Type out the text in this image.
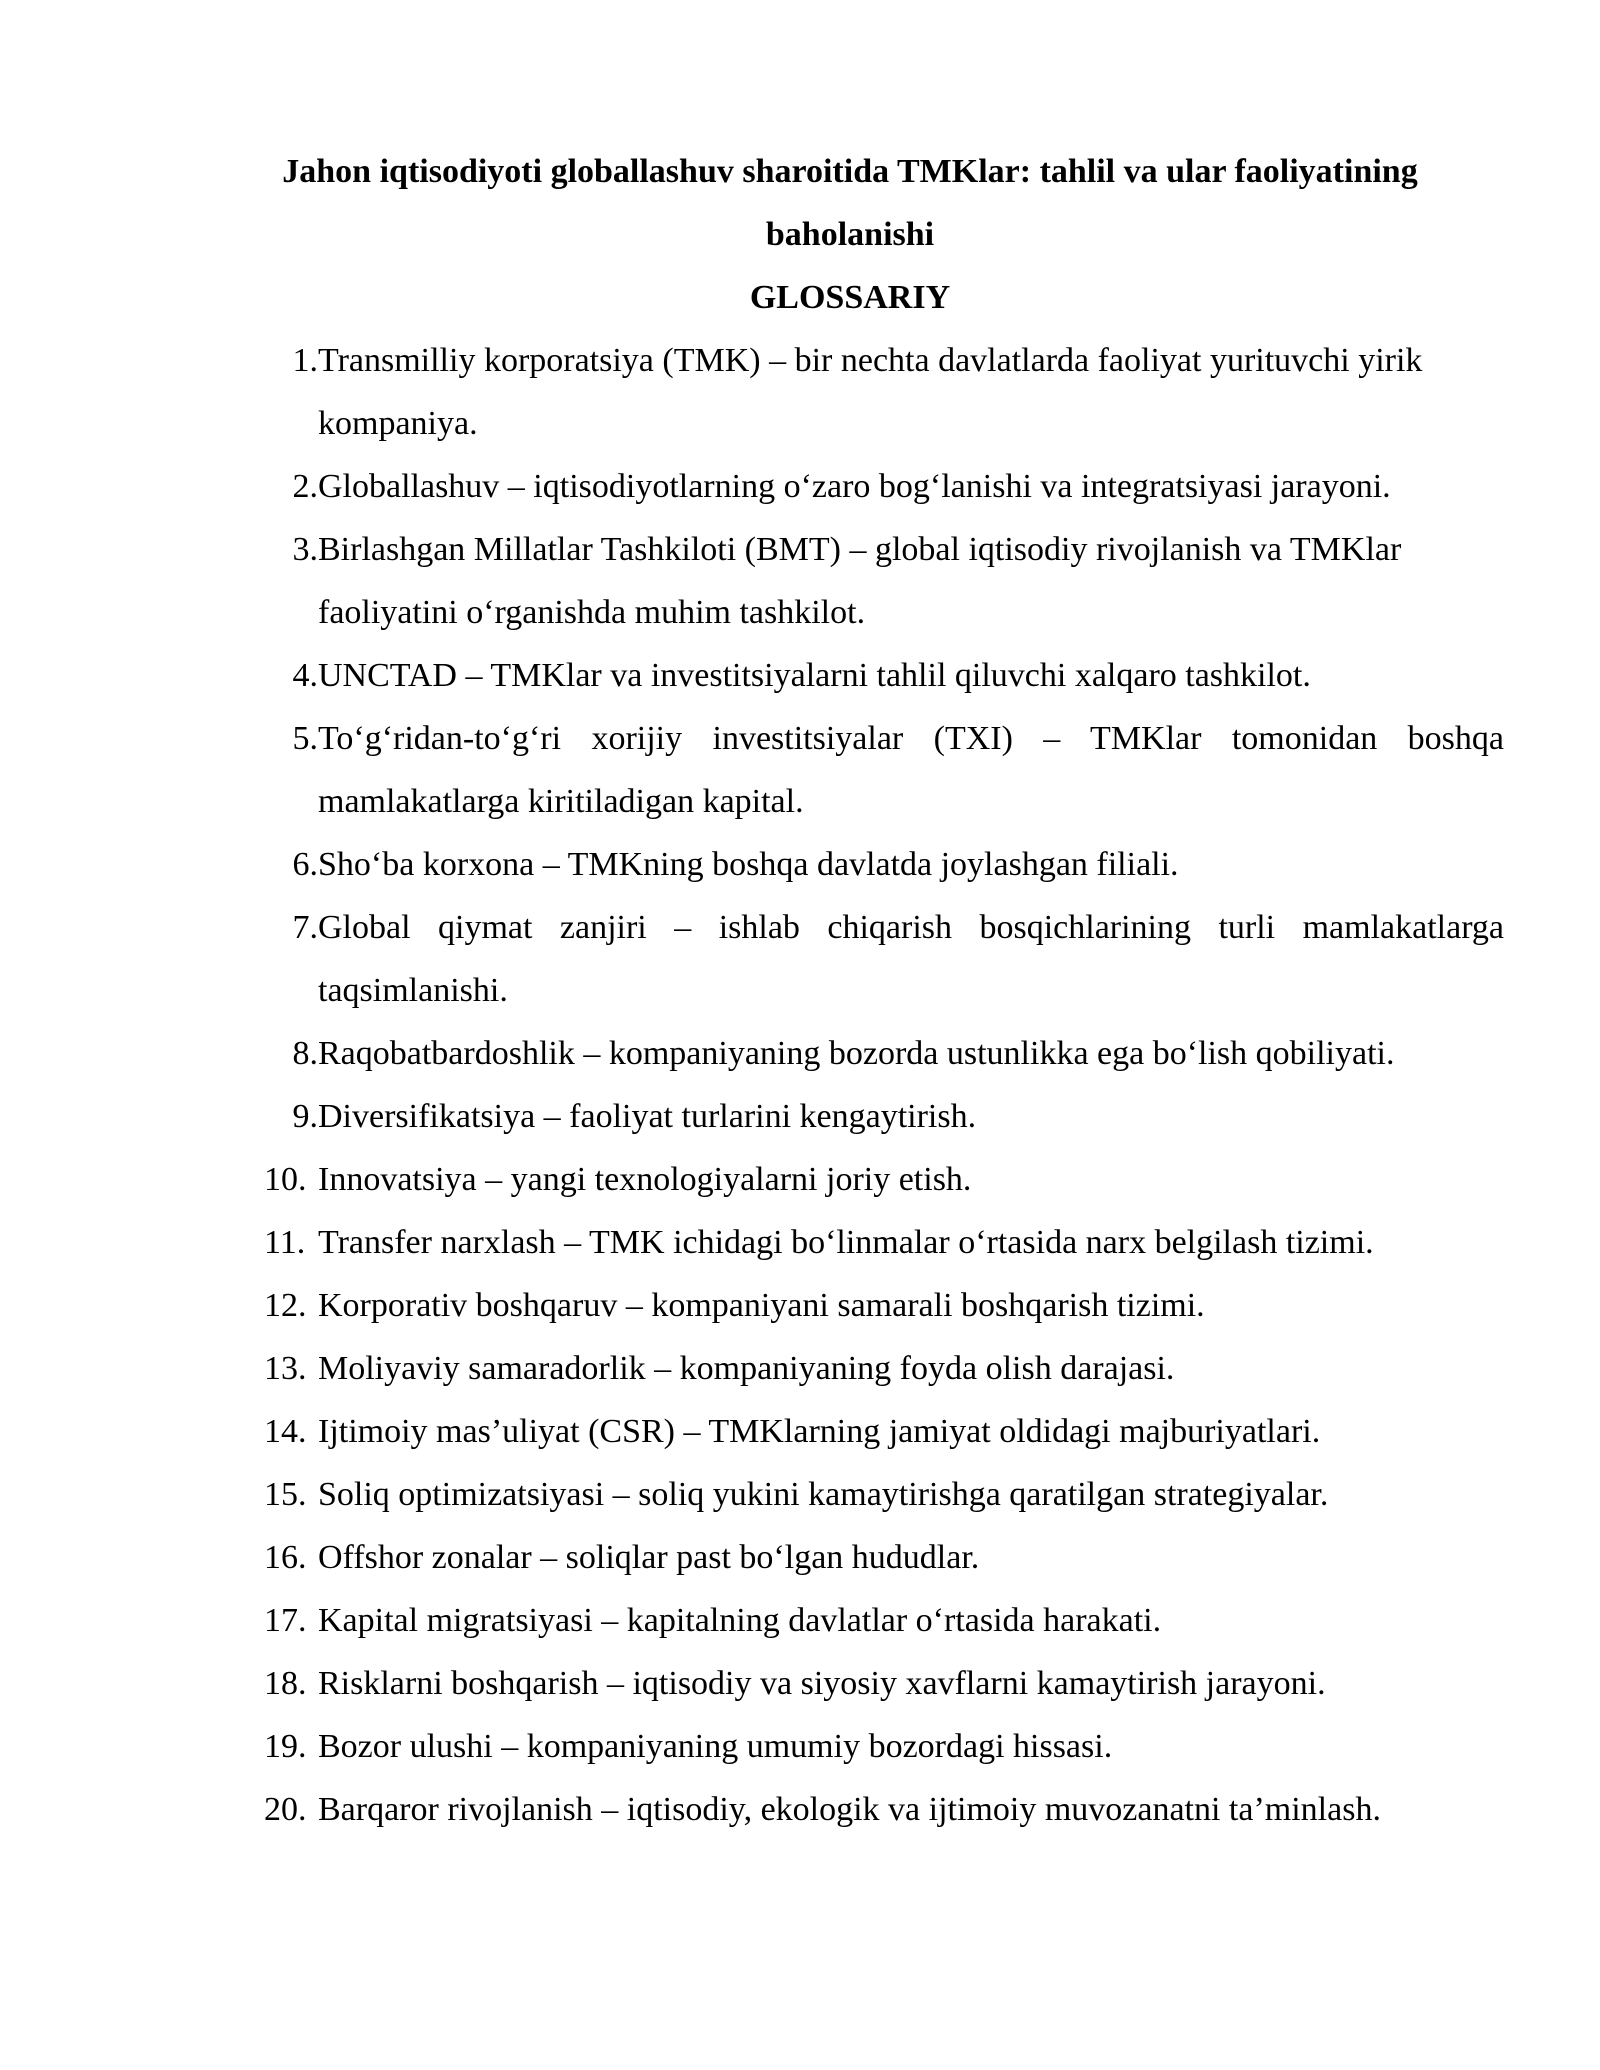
Jahon iqtisodiyoti globallashuv sharoitida TMKlar: tahlil va ular faoliyatining baholanishi
GLOSSARIY
1. Transmilliy korporatsiya (TMK) – bir nechta davlatlarda faoliyat yurituvchi yirik kompaniya.
2. Globallashuv – iqtisodiyotlarning o‘zaro bog‘lanishi va integratsiyasi jarayoni.
3. Birlashgan Millatlar Tashkiloti (BMT) – global iqtisodiy rivojlanish va TMKlar faoliyatini o‘rganishda muhim tashkilot.
4. UNCTAD – TMKlar va investitsiyalarni tahlil qiluvchi xalqaro tashkilot.
5. To‘g‘ridan-to‘g‘ri xorijiy investitsiyalar (TXI) – TMKlar tomonidan boshqa mamlakatlarga kiritiladigan kapital.
6. Sho‘ba korxona – TMKning boshqa davlatda joylashgan filiali.
7. Global qiymat zanjiri – ishlab chiqarish bosqichlarining turli mamlakatlarga taqsimlanishi.
8. Raqobatbardoshlik – kompaniyaning bozorda ustunlikka ega bo‘lish qobiliyati.
9. Diversifikatsiya – faoliyat turlarini kengaytirish.
10. Innovatsiya – yangi texnologiyalarni joriy etish.
11. Transfer narxlash – TMK ichidagi bo‘linmalar o‘rtasida narx belgilash tizimi.
12. Korporativ boshqaruv – kompaniyani samarali boshqarish tizimi.
13. Moliyaviy samaradorlik – kompaniyaning foyda olish darajasi.
14. Ijtimoiy mas’uliyat (CSR) – TMKlarning jamiyat oldidagi majburiyatlari.
15. Soliq optimizatsiyasi – soliq yukini kamaytirishga qaratilgan strategiyalar.
16. Offshor zonalar – soliqlar past bo‘lgan hududlar.
17. Kapital migratsiyasi – kapitalning davlatlar o‘rtasida harakati.
18. Risklarni boshqarish – iqtisodiy va siyosiy xavflarni kamaytirish jarayoni.
19. Bozor ulushi – kompaniyaning umumiy bozordagi hissasi.
20. Barqaror rivojlanish – iqtisodiy, ekologik va ijtimoiy muvozanatni ta’minlash.
